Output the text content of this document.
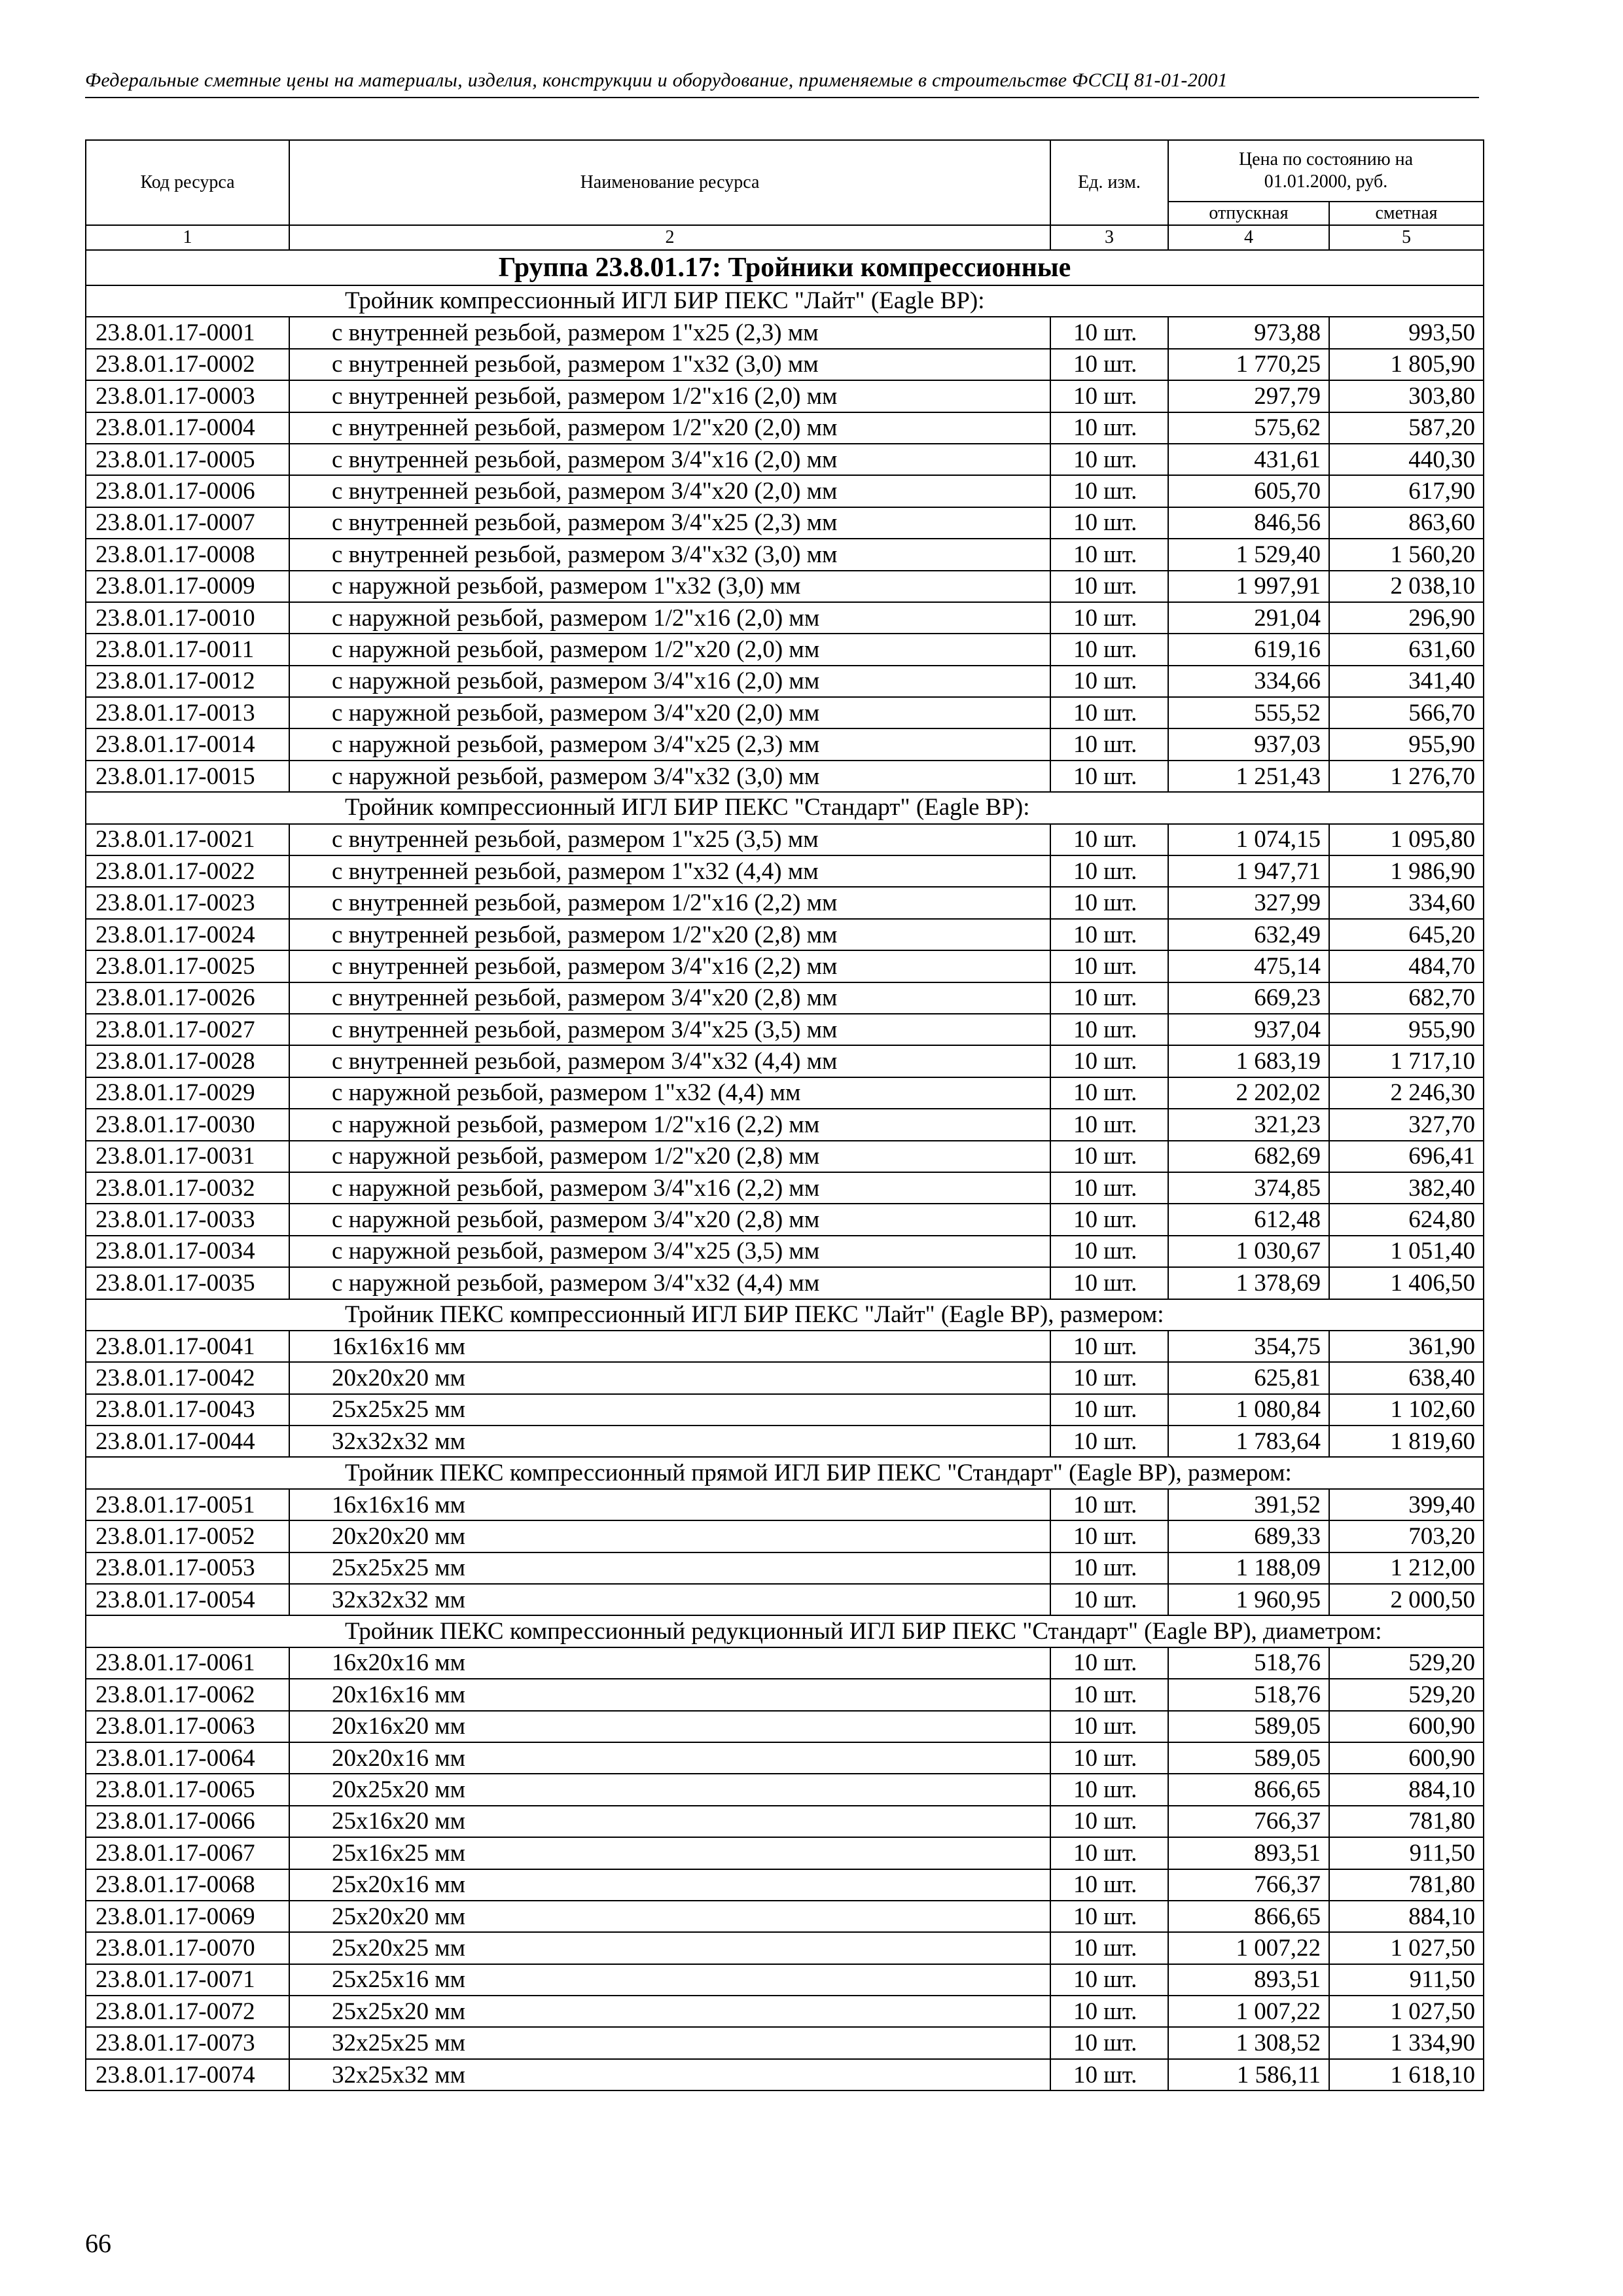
Федеральные сметные цены на материалы, изделия, конструкции и оборудование, применяемые в строительстве ФССЦ 81-01-2001
Код ресурса	Наименование ресурса	Ед. изм.	Цена по состоянию на 01.01.2000, руб.	
			отпускная	сметная
1	2	3	4	5
Группа 23.8.01.17: Тройники компрессионные				
Тройник компрессионный ИГЛ БИР ПЕКС "Лайт" (Eagle BP):				
23.8.01.17-0001	с внутренней резьбой, размером 1"х25 (2,3) мм	10 шт.	973,88	993,50
23.8.01.17-0002	с внутренней резьбой, размером 1"х32 (3,0) мм	10 шт.	1 770,25	1 805,90
23.8.01.17-0003	с внутренней резьбой, размером 1/2"х16 (2,0) мм	10 шт.	297,79	303,80
23.8.01.17-0004	с внутренней резьбой, размером 1/2"х20 (2,0) мм	10 шт.	575,62	587,20
23.8.01.17-0005	с внутренней резьбой, размером 3/4"х16 (2,0) мм	10 шт.	431,61	440,30
23.8.01.17-0006	с внутренней резьбой, размером 3/4"х20 (2,0) мм	10 шт.	605,70	617,90
23.8.01.17-0007	с внутренней резьбой, размером 3/4"х25 (2,3) мм	10 шт.	846,56	863,60
23.8.01.17-0008	с внутренней резьбой, размером 3/4"х32 (3,0) мм	10 шт.	1 529,40	1 560,20
23.8.01.17-0009	с наружной резьбой, размером 1"х32 (3,0) мм	10 шт.	1 997,91	2 038,10
23.8.01.17-0010	с наружной резьбой, размером 1/2"х16 (2,0) мм	10 шт.	291,04	296,90
23.8.01.17-0011	с наружной резьбой, размером 1/2"х20 (2,0) мм	10 шт.	619,16	631,60
23.8.01.17-0012	с наружной резьбой, размером 3/4"х16 (2,0) мм	10 шт.	334,66	341,40
23.8.01.17-0013	с наружной резьбой, размером 3/4"х20 (2,0) мм	10 шт.	555,52	566,70
23.8.01.17-0014	с наружной резьбой, размером 3/4"х25 (2,3) мм	10 шт.	937,03	955,90
23.8.01.17-0015	с наружной резьбой, размером 3/4"х32 (3,0) мм	10 шт.	1 251,43	1 276,70
Тройник компрессионный ИГЛ БИР ПЕКС "Стандарт" (Eagle BP):				
23.8.01.17-0021	с внутренней резьбой, размером 1"х25 (3,5) мм	10 шт.	1 074,15	1 095,80
23.8.01.17-0022	с внутренней резьбой, размером 1"х32 (4,4) мм	10 шт.	1 947,71	1 986,90
23.8.01.17-0023	с внутренней резьбой, размером 1/2"х16 (2,2) мм	10 шт.	327,99	334,60
23.8.01.17-0024	с внутренней резьбой, размером 1/2"х20 (2,8) мм	10 шт.	632,49	645,20
23.8.01.17-0025	с внутренней резьбой, размером 3/4"х16 (2,2) мм	10 шт.	475,14	484,70
23.8.01.17-0026	с внутренней резьбой, размером 3/4"х20 (2,8) мм	10 шт.	669,23	682,70
23.8.01.17-0027	с внутренней резьбой, размером 3/4"х25 (3,5) мм	10 шт.	937,04	955,90
23.8.01.17-0028	с внутренней резьбой, размером 3/4"х32 (4,4) мм	10 шт.	1 683,19	1 717,10
23.8.01.17-0029	с наружной резьбой, размером 1"х32 (4,4) мм	10 шт.	2 202,02	2 246,30
23.8.01.17-0030	с наружной резьбой, размером 1/2"х16 (2,2) мм	10 шт.	321,23	327,70
23.8.01.17-0031	с наружной резьбой, размером 1/2"х20 (2,8) мм	10 шт.	682,69	696,41
23.8.01.17-0032	с наружной резьбой, размером 3/4"х16 (2,2) мм	10 шт.	374,85	382,40
23.8.01.17-0033	с наружной резьбой, размером 3/4"х20 (2,8) мм	10 шт.	612,48	624,80
23.8.01.17-0034	с наружной резьбой, размером 3/4"х25 (3,5) мм	10 шт.	1 030,67	1 051,40
23.8.01.17-0035	с наружной резьбой, размером 3/4"х32 (4,4) мм	10 шт.	1 378,69	1 406,50
Тройник ПЕКС компрессионный ИГЛ БИР ПЕКС "Лайт" (Eagle BP), размером:				
23.8.01.17-0041	16х16х16 мм	10 шт.	354,75	361,90
23.8.01.17-0042	20х20х20 мм	10 шт.	625,81	638,40
23.8.01.17-0043	25х25х25 мм	10 шт.	1 080,84	1 102,60
23.8.01.17-0044	32х32х32 мм	10 шт.	1 783,64	1 819,60
Тройник ПЕКС компрессионный прямой ИГЛ БИР ПЕКС "Стандарт" (Eagle BP), размером:				
23.8.01.17-0051	16х16х16 мм	10 шт.	391,52	399,40
23.8.01.17-0052	20х20х20 мм	10 шт.	689,33	703,20
23.8.01.17-0053	25х25х25 мм	10 шт.	1 188,09	1 212,00
23.8.01.17-0054	32х32х32 мм	10 шт.	1 960,95	2 000,50
Тройник ПЕКС компрессионный редукционный ИГЛ БИР ПЕКС "Стандарт" (Eagle BP), диаметром:				
23.8.01.17-0061	16х20х16 мм	10 шт.	518,76	529,20
23.8.01.17-0062	20х16х16 мм	10 шт.	518,76	529,20
23.8.01.17-0063	20х16х20 мм	10 шт.	589,05	600,90
23.8.01.17-0064	20х20х16 мм	10 шт.	589,05	600,90
23.8.01.17-0065	20х25х20 мм	10 шт.	866,65	884,10
23.8.01.17-0066	25х16х20 мм	10 шт.	766,37	781,80
23.8.01.17-0067	25х16х25 мм	10 шт.	893,51	911,50
23.8.01.17-0068	25х20х16 мм	10 шт.	766,37	781,80
23.8.01.17-0069	25х20х20 мм	10 шт.	866,65	884,10
23.8.01.17-0070	25х20х25 мм	10 шт.	1 007,22	1 027,50
23.8.01.17-0071	25х25х16 мм	10 шт.	893,51	911,50
23.8.01.17-0072	25х25х20 мм	10 шт.	1 007,22	1 027,50
23.8.01.17-0073	32х25х25 мм	10 шт.	1 308,52	1 334,90
23.8.01.17-0074	32х25х32 мм	10 шт.	1 586,11	1 618,10
66
